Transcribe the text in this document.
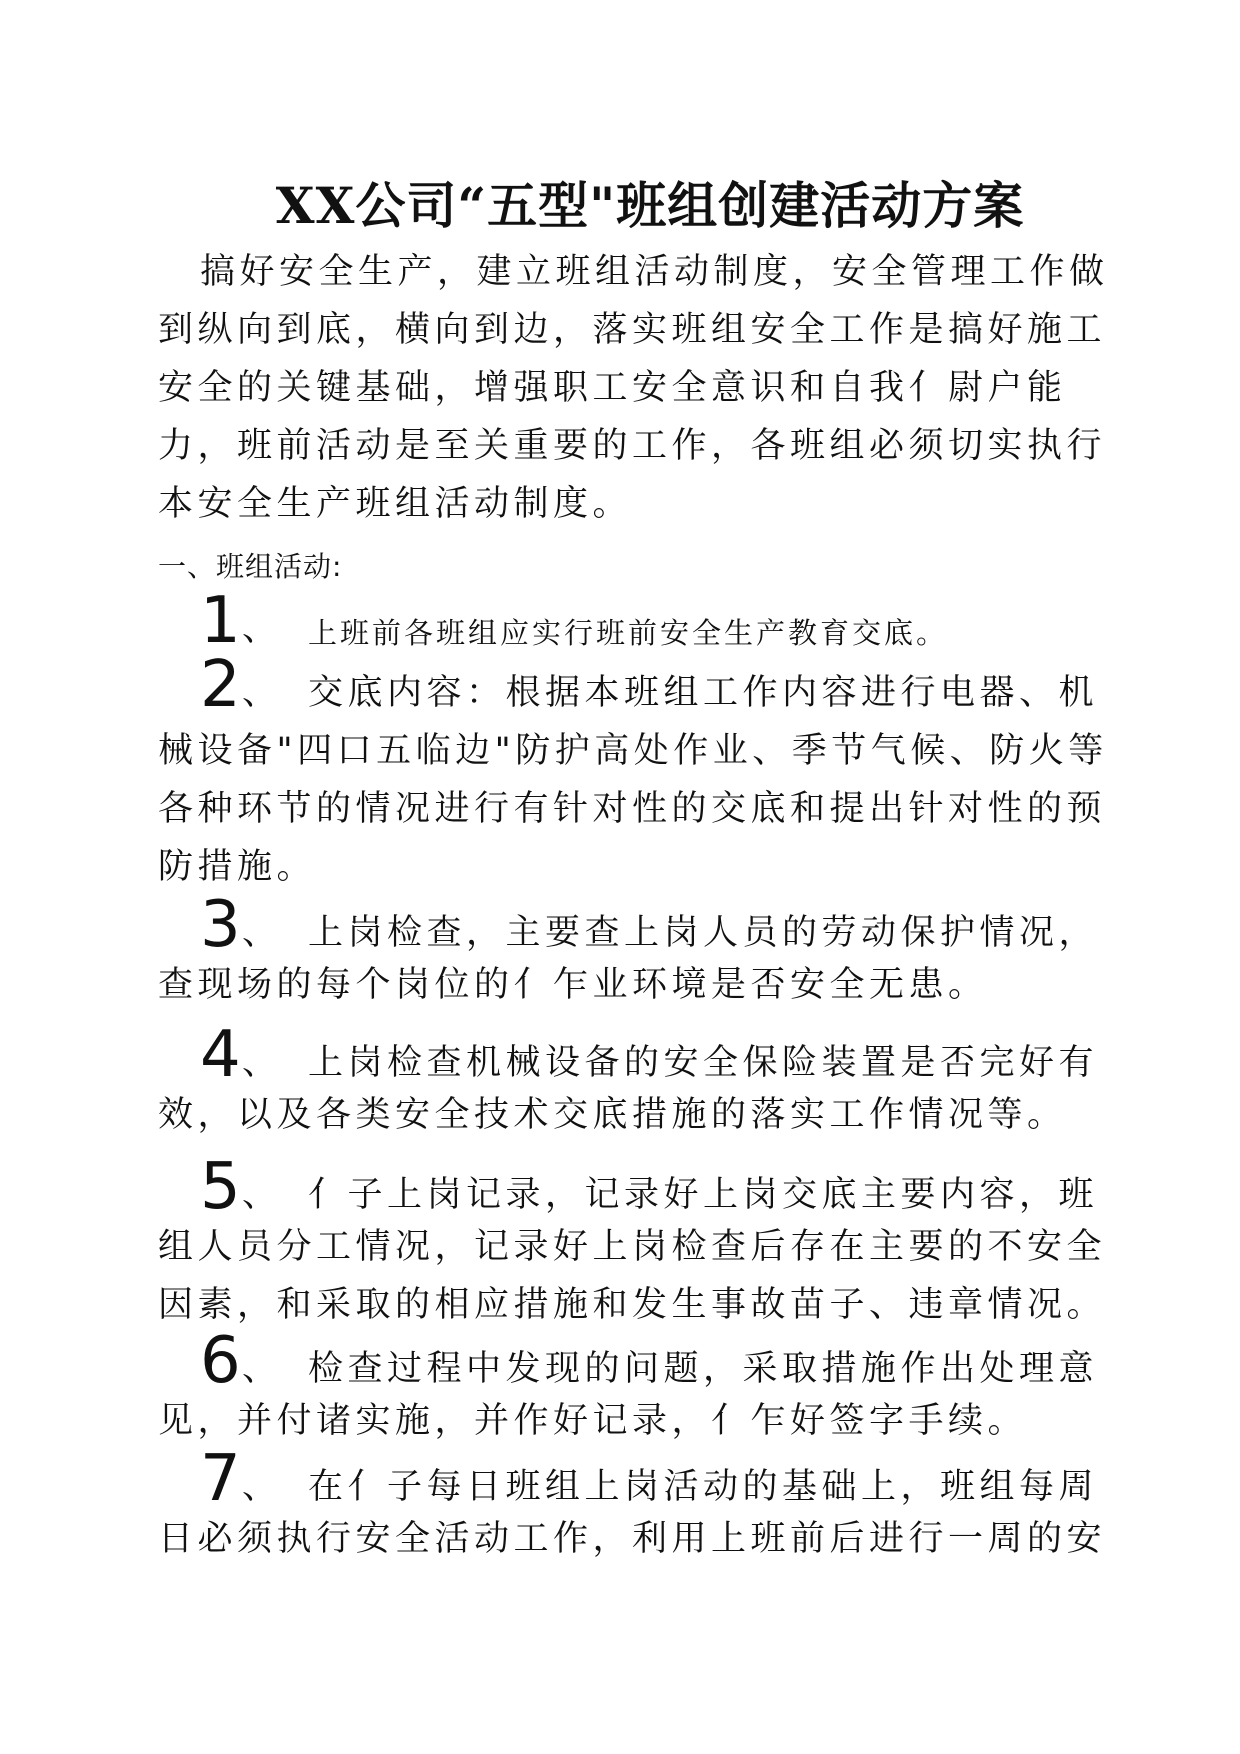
XX公司“五型"班组创建活动方案
搞好安全生产，建立班组活动制度，安全管理工作做
到纵向到底，横向到边，落实班组安全工作是搞好施工
安全的关键基础，增强职工安全意识和自我亻尉户能
力，班前活动是至关重要的工作，各班组必须切实执行
本安全生产班组活动制度。
一、班组活动:
1 、 上班前各班组应实行班前安全生产教育交底。
2 、 交底内容：根据本班组工作内容进行电器、机
械设备"四口五临边"防护高处作业、季节气候、防火等
各种环节的情况进行有针对性的交底和提出针对性的预
防措施。
3 、 上岗检查，主要查上岗人员的劳动保护情况，
查现场的每个岗位的亻乍业环境是否安全无患。
4 、 上岗检查机械设备的安全保险装置是否完好有
效，以及各类安全技术交底措施的落实工作情况等。
5 、 亻子上岗记录，记录好上岗交底主要内容，班
组人员分工情况，记录好上岗检查后存在主要的不安全
因素，和采取的相应措施和发生事故苗子、违章情况。
6 、 检查过程中发现的问题，采取措施作出处理意
见，并付诸实施，并作好记录，亻乍好签字手续。
7 、 在亻子每日班组上岗活动的基础上，班组每周
日必须执行安全活动工作，利用上班前后进行一周的安
